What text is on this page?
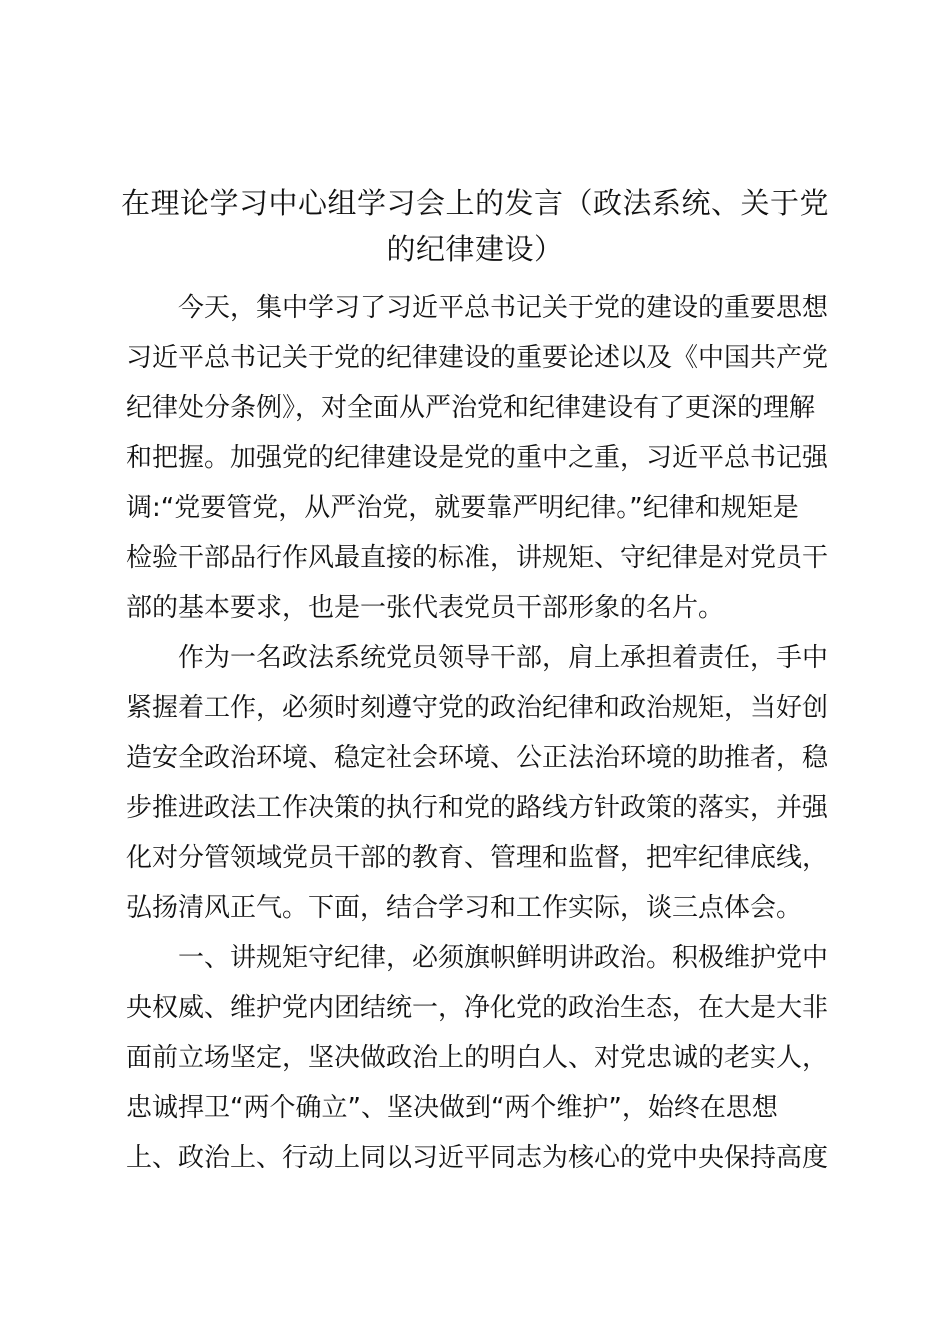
在理论学习中心组学习会上的发言（政法系统、关于党
的纪律建设）
今天，集中学习了习近平总书记关于党的建设的重要思想
习近平总书记关于党的纪律建设的重要论述以及《中国共产党
纪律处分条例》，对全面从严治党和纪律建设有了更深的理解
和把握。加强党的纪律建设是党的重中之重，习近平总书记强
调:“党要管党，从严治党，就要靠严明纪律。”纪律和规矩是
检验干部品行作风最直接的标准，讲规矩、守纪律是对党员干
部的基本要求，也是一张代表党员干部形象的名片。
作为一名政法系统党员领导干部，肩上承担着责任，手中
紧握着工作，必须时刻遵守党的政治纪律和政治规矩，当好创
造安全政治环境、稳定社会环境、公正法治环境的助推者，稳
步推进政法工作决策的执行和党的路线方针政策的落实，并强
化对分管领域党员干部的教育、管理和监督，把牢纪律底线，
弘扬清风正气。下面，结合学习和工作实际，谈三点体会。
一、讲规矩守纪律，必须旗帜鲜明讲政治。积极维护党中
央权威、维护党内团结统一，净化党的政治生态，在大是大非
面前立场坚定，坚决做政治上的明白人、对党忠诚的老实人，
忠诚捍卫“两个确立”、坚决做到“两个维护”，始终在思想
上、政治上、行动上同以习近平同志为核心的党中央保持高度
